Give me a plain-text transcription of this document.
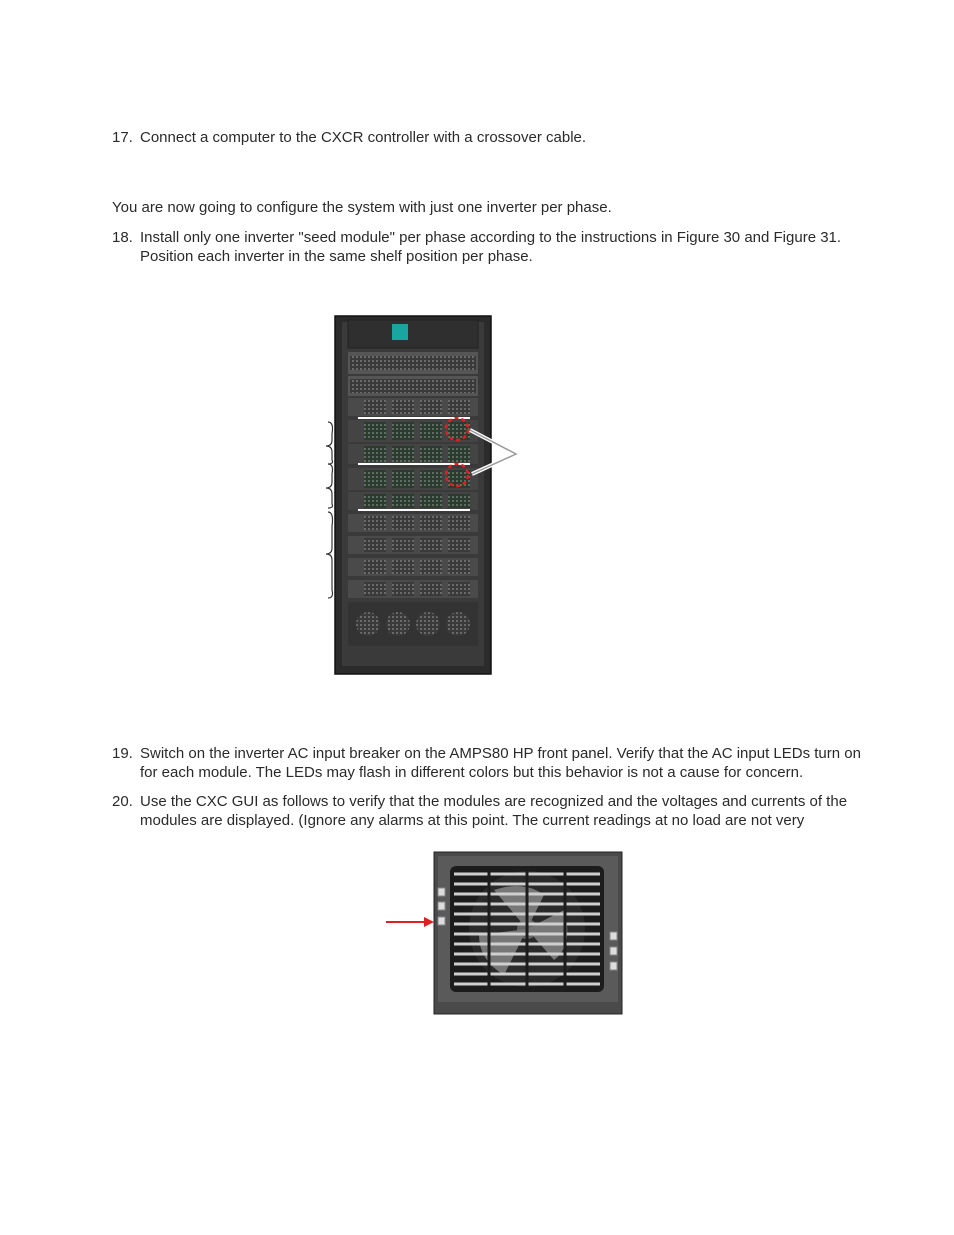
17. Connect a computer to the CXCR controller with a crossover cable.
You are now going to configure the system with just one inverter per phase.
18. Install only one inverter "seed module" per phase according to the instructions in Figure 30 and Figure 31. Position each inverter in the same shelf position per phase.
19. Switch on the inverter AC input breaker on the AMPS80 HP front panel. Verify that the AC input LEDs turn on for each module. The LEDs may flash in different colors but this behavior is not a cause for concern.
20. Use the CXC GUI as follows to verify that the modules are recognized and the voltages and currents of the modules are displayed. (Ignore any alarms at this point. The current readings at no load are not very
